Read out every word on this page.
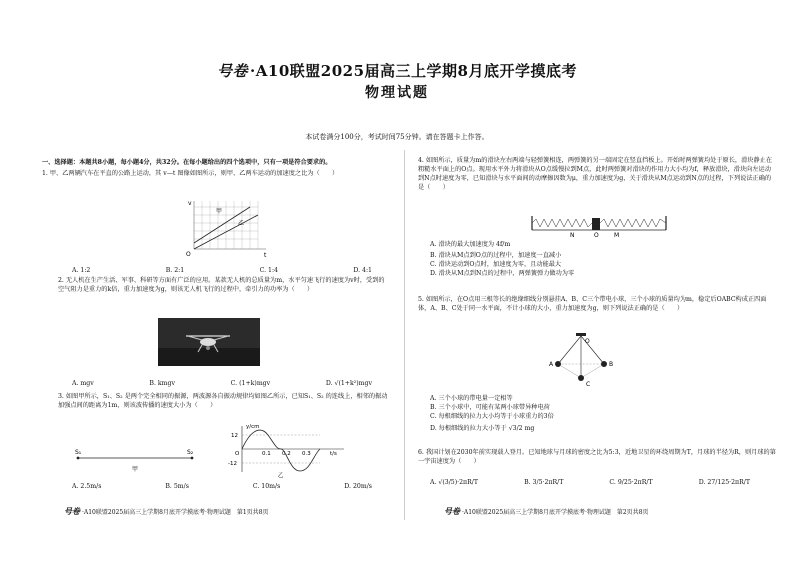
号卷 ·A10联盟2025届高三上学期8月底开学摸底考
物理试题
本试卷满分100分，考试时间75分钟。请在答题卡上作答。

一、选择题：本题共8小题，每小题4分，共32分。在每小题给出的四个选项中，只有一项是符合要求的。

1. 甲、乙两辆汽车在平直的公路上运动，其 v—t 图像如图所示，则甲、乙两车运动的加速度之比为（　　）

v
t
O
甲
乙
A. 1:2	B. 2:1	C. 1:4	D. 4:1
2. 无人机在生产生活、军事、科研等方面有广泛的应用。某款无人机的总质量为m，水平匀速飞行的速度为v时，受到的空气阻力是重力的k倍，重力加速度为g，则该无人机飞行的过程中，牵引力的功率为（　　）
A. mgv	B. kmgv	C. (1+k)mgv	D. √(1+k²)mgv
3. 如图甲所示，S₁、S₂ 是两个完全相同的振源，两波源各自振动规律均如图乙所示，已知S₁、S₂ 的连线上，相邻的振动加强点间的距离为1m，则该波传播的速度大小为（　　）
S₁	S₂
甲
y/cm
12
-12
O	0.1 0.2 0.3	t/s
乙
A. 2.5m/s	B. 5m/s	C. 10m/s	D. 20m/s
号卷 ·A10联盟2025届高三上学期8月底开学摸底考·物理试题　第1页共8页
4. 如图所示，质量为m的滑块左右两端与轻弹簧相连，两弹簧的另一端固定在竖直挡板上。开始时两弹簧均处于原长，滑块静止在粗糙水平面上的O点。现用水平外力将滑块从O点缓慢拉到M点，此时两弹簧对滑块的作用力大小均为f，释放滑块，滑块向左运动到N点时速度为零，已知滑块与水平面间的动摩擦因数为μ，重力加速度为g，关于滑块从M点运动到N点的过程，下列说法正确的是（　　）
N	O	M

A. 滑块的最大加速度为 4f/m

B. 滑块从M点到O点的过程中，加速度一直减小

C. 滑块运动到O点时，加速度为零，且动能最大

D. 滑块从M点到N点的过程中，两弹簧弹力做功为零

5. 如图所示，在O点用三根等长的绝缘细线分别悬挂A、B、C三个带电小球，三个小球的质量均为m，稳定后OABC构成正四面体，A、B、C处于同一水平面，不计小球的大小，重力加速度为g，则下列说法正确的是（　　）
O
A	B
C

A. 三个小球的带电量一定相等

B. 三个小球中，可能有某两小球带异种电荷

C. 每根细线的拉力大小均等于小球重力的3倍

D. 每根细线的拉力大小等于 √3/2 mg

6. 我国计划在2030年前实现载人登月。已知地球与月球的密度之比为5:3，近地卫星的环绕周期为T，月球的半径为R，则月球的第一宇宙速度为（　　）
A. √(3/5)·2πR/T	B. 3/5·2πR/T	C. 9/25·2πR/T	D. 27/125·2πR/T
号卷 ·A10联盟2025届高三上学期8月底开学摸底考·物理试题　第2页共8页
